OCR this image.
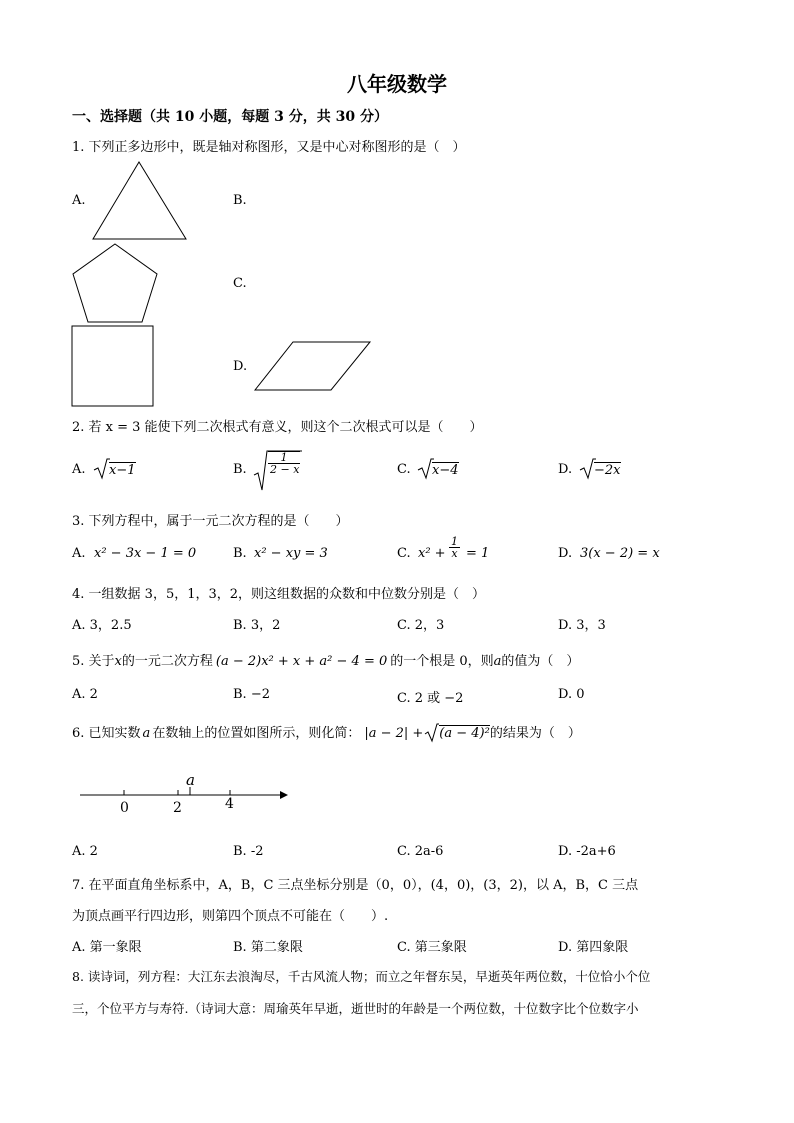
八年级数学
一、选择题（共 10 小题，每题 3 分，共 30 分）
1. 下列正多边形中，既是轴对称图形，又是中心对称图形的是（　）
A.	B.
C.
D.
2. 若 x = 3 能使下列二次根式有意义，则这个二次根式可以是（　　）
A. x−1	B. $\frac{1}{2 - x}$	C. x−4	D. −2x
3. 下列方程中，属于一元二次方程的是（　　）
A. x² − 3x − 1 = 0	B. x² − xy = 3	C. $x^2 + \frac{1}{x} = 1$	D. 3(x − 2) = x
4. 一组数据 3，5，1，3，2，则这组数据的众数和中位数分别是（　）
A. 3，2.5	B. 3，2	C. 2，3	D. 3，3
5. 关于x的一元二次方程 (a − 2)x² + x + a² − 4 = 0 的一个根是 0，则a的值为（　）
A. 2	B. −2	C. 2 或 −2	D. 0
6. 已知实数 a 在数轴上的位置如图所示，则化简： |a − 2| + (a − 4)²的结果为（　）
a
0	2	4
A. 2	B. -2	C. 2a-6	D. -2a+6
7. 在平面直角坐标系中，A，B，C 三点坐标分别是（0，0），(4，0)，(3，2)，以 A，B，C 三点
为顶点画平行四边形，则第四个顶点不可能在（　　）.
A. 第一象限	B. 第二象限	C. 第三象限	D. 第四象限
8. 读诗词，列方程：大江东去浪淘尽，千古风流人物；而立之年督东吴，早逝英年两位数，十位恰小个位
三，个位平方与寿符.（诗词大意：周瑜英年早逝，逝世时的年龄是一个两位数，十位数字比个位数字小
